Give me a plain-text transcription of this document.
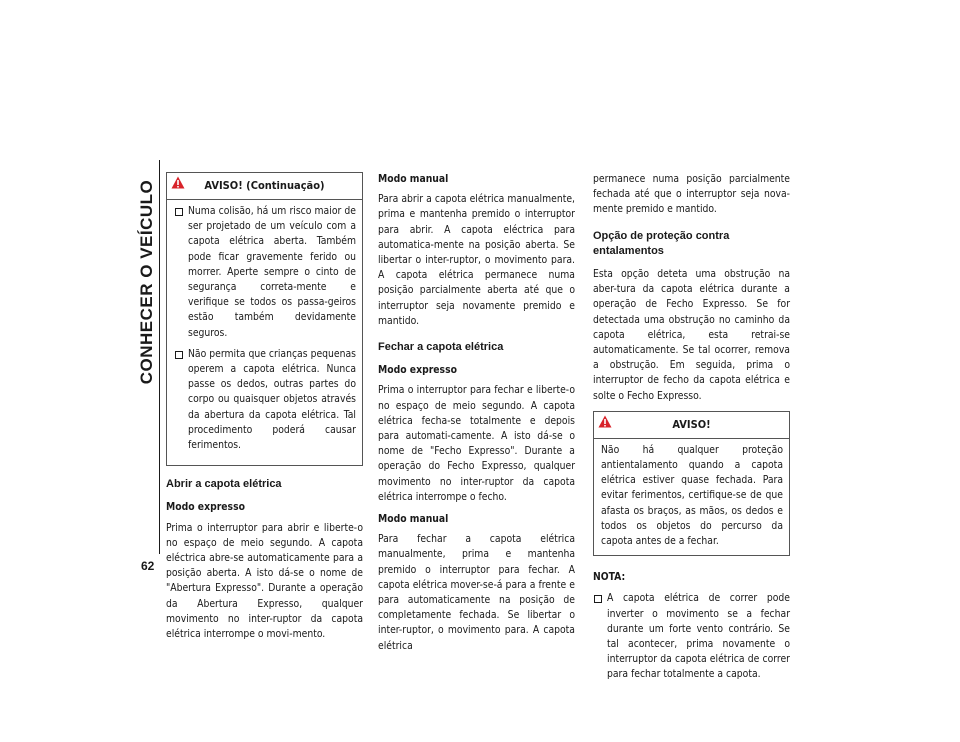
CONHECER O VEÍCULO
62
AVISO! (Continuação)
Numa colisão, há um risco maior de ser projetado de um veículo com a capota elétrica aberta. Também pode ficar gravemente ferido ou morrer. Aperte sempre o cinto de segurança correta-mente e verifique se todos os passa-geiros estão também devidamente seguros.
Não permita que crianças pequenas operem a capota elétrica. Nunca passe os dedos, outras partes do corpo ou quaisquer objetos através da abertura da capota elétrica. Tal procedimento poderá causar ferimentos.
Abrir a capota elétrica
Modo expresso

Prima o interruptor para abrir e liberte-o no espaço de meio segundo. A capota eléctrica abre-se automaticamente para a posição aberta. A isto dá-se o nome de "Abertura Expresso". Durante a operação da Abertura Expresso, qualquer movimento no inter-ruptor da capota elétrica interrompe o movi-mento.

Modo manual

Para abrir a capota elétrica manualmente, prima e mantenha premido o interruptor para abrir. A capota eléctrica para automatica-mente na posição aberta. Se libertar o inter-ruptor, o movimento para. A capota elétrica permanece numa posição parcialmente aberta até que o interruptor seja novamente premido e mantido.

Fechar a capota elétrica
Modo expresso

Prima o interruptor para fechar e liberte-o no espaço de meio segundo. A capota elétrica fecha-se totalmente e depois para automati-camente. A isto dá-se o nome de "Fecho Expresso". Durante a operação do Fecho Expresso, qualquer movimento no inter-ruptor da capota elétrica interrompe o fecho.

Modo manual

Para fechar a capota elétrica manualmente, prima e mantenha premido o interruptor para fechar. A capota elétrica mover-se-á para a frente e para automaticamente na posição de completamente fechada. Se libertar o inter-ruptor, o movimento para. A capota elétrica

permanece numa posição parcialmente fechada até que o interruptor seja nova-mente premido e mantido.

Opção de proteção contra entalamentos

Esta opção deteta uma obstrução na aber-tura da capota elétrica durante a operação de Fecho Expresso. Se for detectada uma obstrução no caminho da capota elétrica, esta retrai-se automaticamente. Se tal ocorrer, remova a obstrução. Em seguida, prima o interruptor de fecho da capota elétrica e solte o Fecho Expresso.

AVISO!

Não há qualquer proteção antientalamento quando a capota elétrica estiver quase fechada. Para evitar ferimentos, certifique-se de que afasta os braços, as mãos, os dedos e todos os objetos do percurso da capota antes de a fechar.

NOTA:
A capota elétrica de correr pode inverter o movimento se a fechar durante um forte vento contrário. Se tal acontecer, prima novamente o interruptor da capota elétrica de correr para fechar totalmente a capota.
